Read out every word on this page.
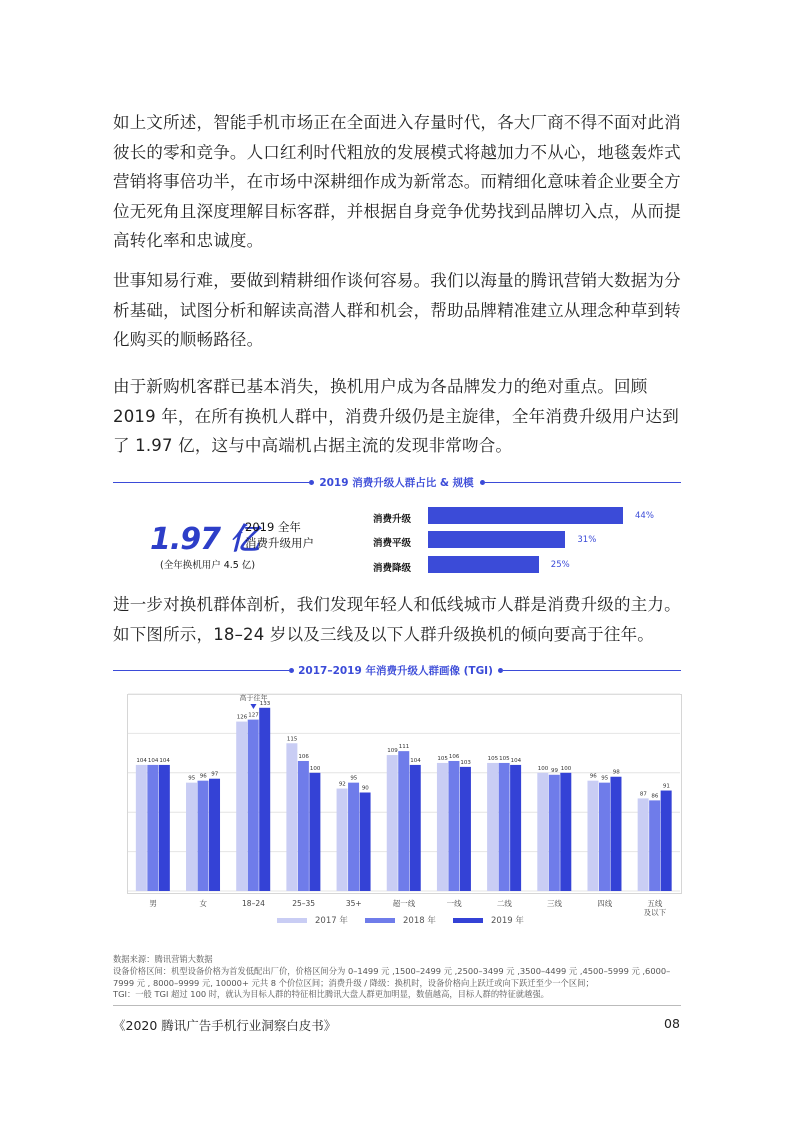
如上文所述，智能手机市场正在全面进入存量时代，各大厂商不得不面对此消彼长的零和竞争。人口红利时代粗放的发展模式将越加力不从心，地毯轰炸式营销将事倍功半，在市场中深耕细作成为新常态。而精细化意味着企业要全方位无死角且深度理解目标客群，并根据自身竞争优势找到品牌切入点，从而提高转化率和忠诚度。

世事知易行难，要做到精耕细作谈何容易。我们以海量的腾讯营销大数据为分析基础，试图分析和解读高潜人群和机会，帮助品牌精准建立从理念种草到转化购买的顺畅路径。

由于新购机客群已基本消失，换机用户成为各品牌发力的绝对重点。回顾 2019 年，在所有换机人群中，消费升级仍是主旋律，全年消费升级用户达到了 1.97 亿，这与中高端机占据主流的发现非常吻合。

2019 消费升级人群占比 & 规模
1.97 亿
2019 全年
消费升级用户
(全年换机用户 4.5 亿)
消费升级	44%
消费平级	31%
消费降级	25%

进一步对换机群体剖析，我们发现年轻人和低线城市人群是消费升级的主力。如下图所示，18–24 岁以及三线及以下人群升级换机的倾向要高于往年。

2017–2019 年消费升级人群画像 (TGI)
104 104 104
男
95 96 97
女
126 127
133
18–24
高于往年
115
106
100
25–35
92
95
90
35+
109
111
104
超一线
105 106
103
一线
105 105 104
二线
100 99 100
三线
96 95
98
四线
87 86
91
五线
及以下
2017 年	2018 年	2019 年
数据来源：腾讯营销大数据
设备价格区间：机型设备价格为首发低配出厂价，价格区间分为 0–1499 元 ,1500–2499 元 ,2500–3499 元 ,3500–4499 元 ,4500–5999 元 ,6000–7999 元 , 8000–9999 元, 10000+ 元共 8 个价位区间；消费升级 / 降级：换机时，设备价格向上跃迁或向下跃迁至少一个区间；
TGI：一般 TGI 超过 100 时，就认为目标人群的特征相比腾讯大盘人群更加明显，数值越高，目标人群的特征就越强。
《2020 腾讯广告手机行业洞察白皮书》	08
